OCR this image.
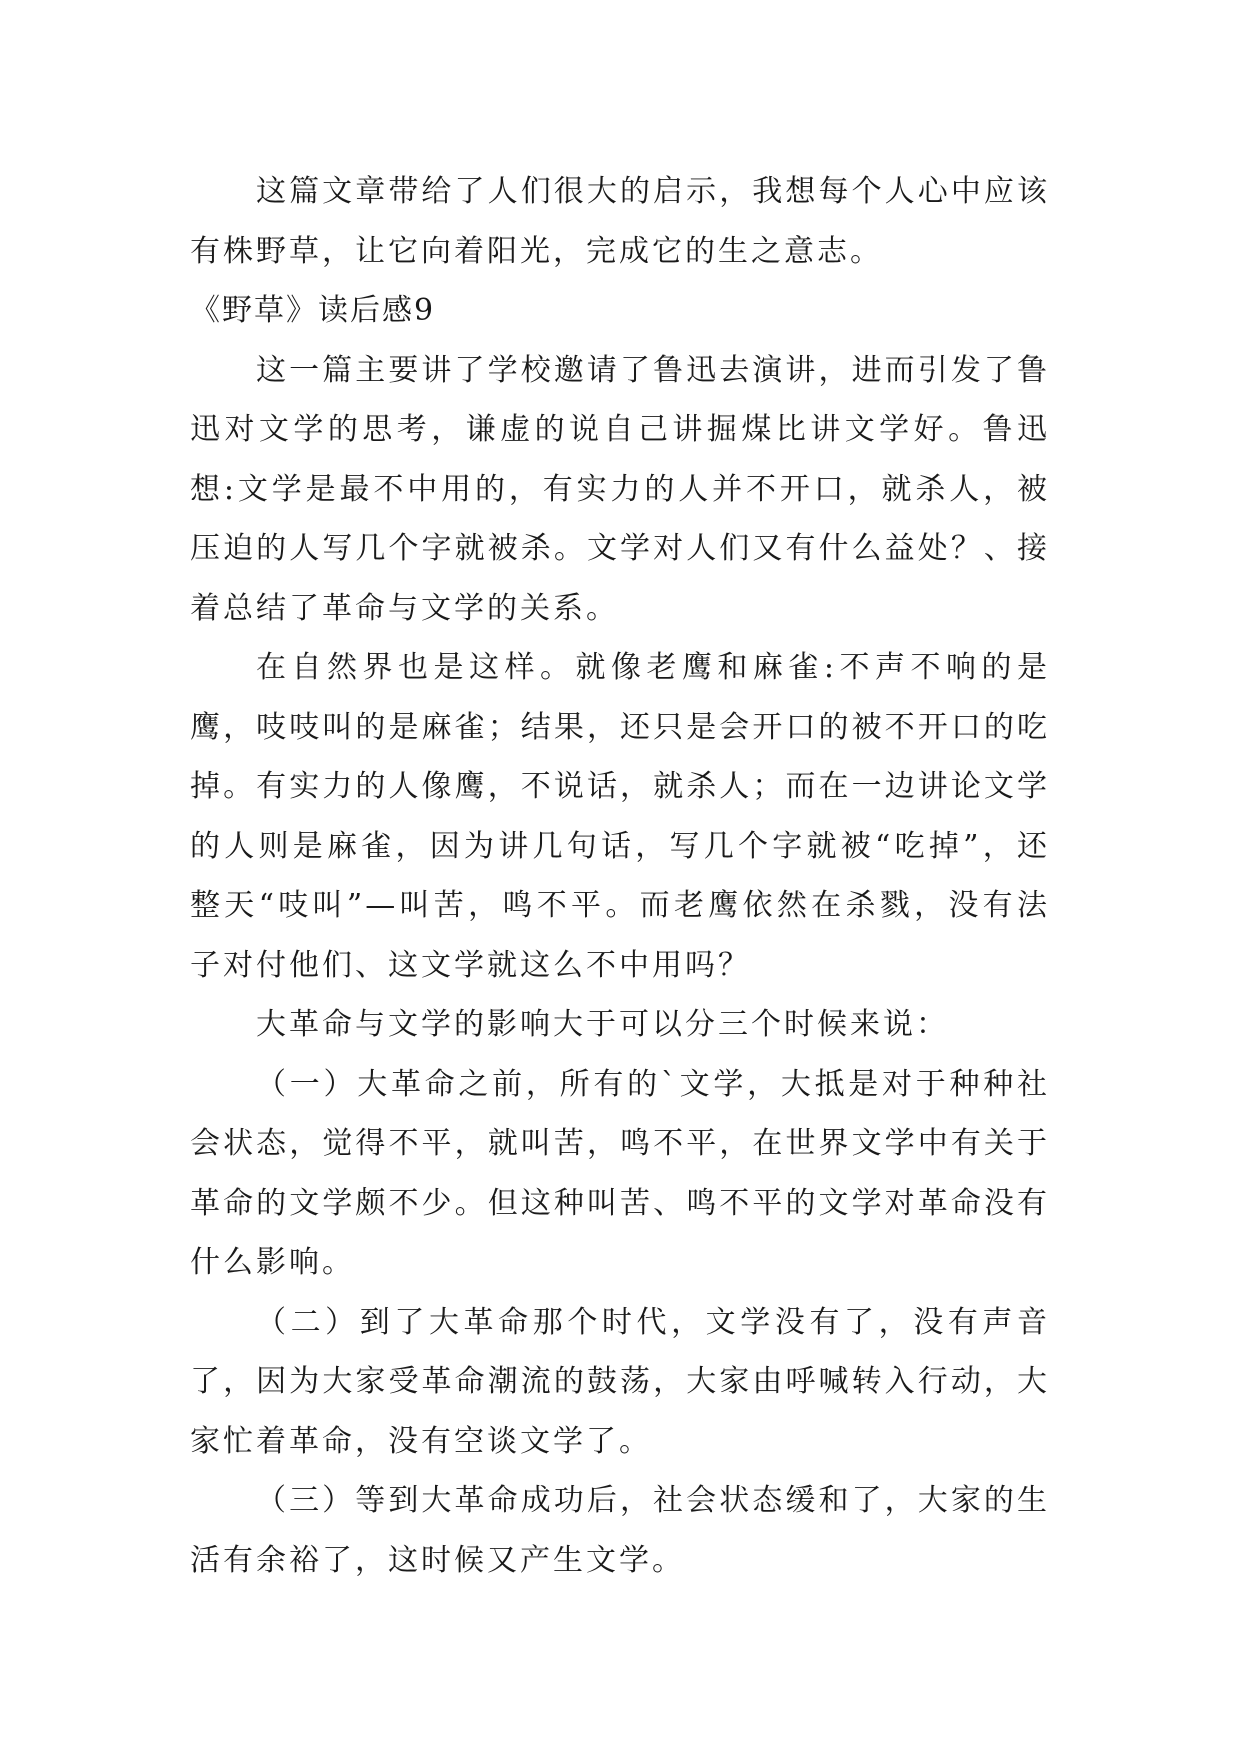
这篇文章带给了人们很大的启示，我想每个人心中应该有株野草，让它向着阳光，完成它的生之意志。

《野草》读后感9

这一篇主要讲了学校邀请了鲁迅去演讲，进而引发了鲁迅对文学的思考，谦虚的说自己讲掘煤比讲文学好。鲁迅想:文学是最不中用的，有实力的人并不开口，就杀人，被压迫的人写几个字就被杀。文学对人们又有什么益处？、接着总结了革命与文学的关系。

在自然界也是这样。就像老鹰和麻雀:不声不响的是鹰，吱吱叫的是麻雀；结果，还只是会开口的被不开口的吃掉。有实力的人像鹰，不说话，就杀人；而在一边讲论文学的人则是麻雀，因为讲几句话，写几个字就被“吃掉”，还整天“吱叫”—叫苦，鸣不平。而老鹰依然在杀戮，没有法子对付他们、这文学就这么不中用吗？

大革命与文学的影响大于可以分三个时候来说：

（一）大革命之前，所有的`文学，大抵是对于种种社会状态，觉得不平，就叫苦，鸣不平，在世界文学中有关于革命的文学颇不少。但这种叫苦、鸣不平的文学对革命没有什么影响。

（二）到了大革命那个时代，文学没有了，没有声音了，因为大家受革命潮流的鼓荡，大家由呼喊转入行动，大家忙着革命，没有空谈文学了。

（三）等到大革命成功后，社会状态缓和了，大家的生活有余裕了，这时候又产生文学。
